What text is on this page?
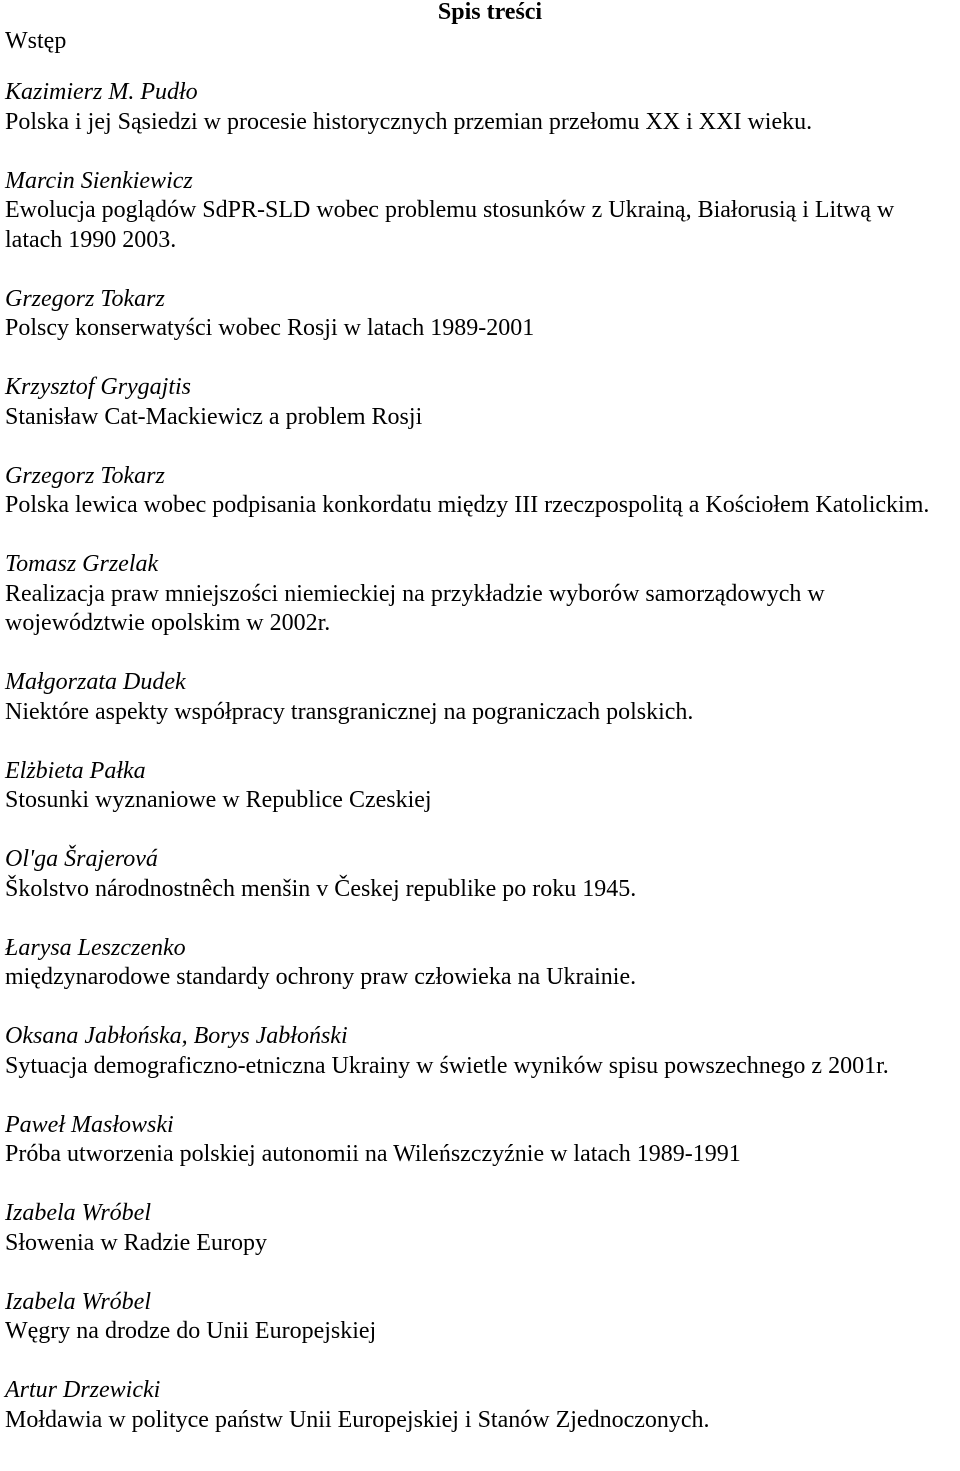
Spis treści

Wstęp

Kazimierz M. Pudło
Polska i jej Sąsiedzi w procesie historycznych przemian przełomu XX i XXI wieku.
Marcin Sienkiewicz
Ewolucja poglądów SdPR-SLD wobec problemu stosunków z Ukrainą, Białorusią i Litwą w latach 1990 2003.
Grzegorz Tokarz
Polscy konserwatyści wobec Rosji w latach 1989-2001
Krzysztof Grygajtis
Stanisław Cat-Mackiewicz a problem Rosji
Grzegorz Tokarz
Polska lewica wobec podpisania konkordatu między III rzeczpospolitą a Kościołem Katolickim.
Tomasz Grzelak
Realizacja praw mniejszości niemieckiej na przykładzie wyborów samorządowych w województwie opolskim w 2002r.
Małgorzata Dudek
Niektóre aspekty współpracy transgranicznej na pograniczach polskich.
Elżbieta Pałka
Stosunki wyznaniowe w Republice Czeskiej
Ol'ga Šrajerová
Školstvo národnostnêch menšin v Českej republike po roku 1945.
Łarysa Leszczenko
międzynarodowe standardy ochrony praw człowieka na Ukrainie.
Oksana Jabłońska, Borys Jabłoński
Sytuacja demograficzno-etniczna Ukrainy w świetle wyników spisu powszechnego z 2001r.
Paweł Masłowski
Próba utworzenia polskiej autonomii na Wileńszczyźnie w latach 1989-1991
Izabela Wróbel
Słowenia w Radzie Europy
Izabela Wróbel
Węgry na drodze do Unii Europejskiej
Artur Drzewicki
Mołdawia w polityce państw Unii Europejskiej i Stanów Zjednoczonych.
